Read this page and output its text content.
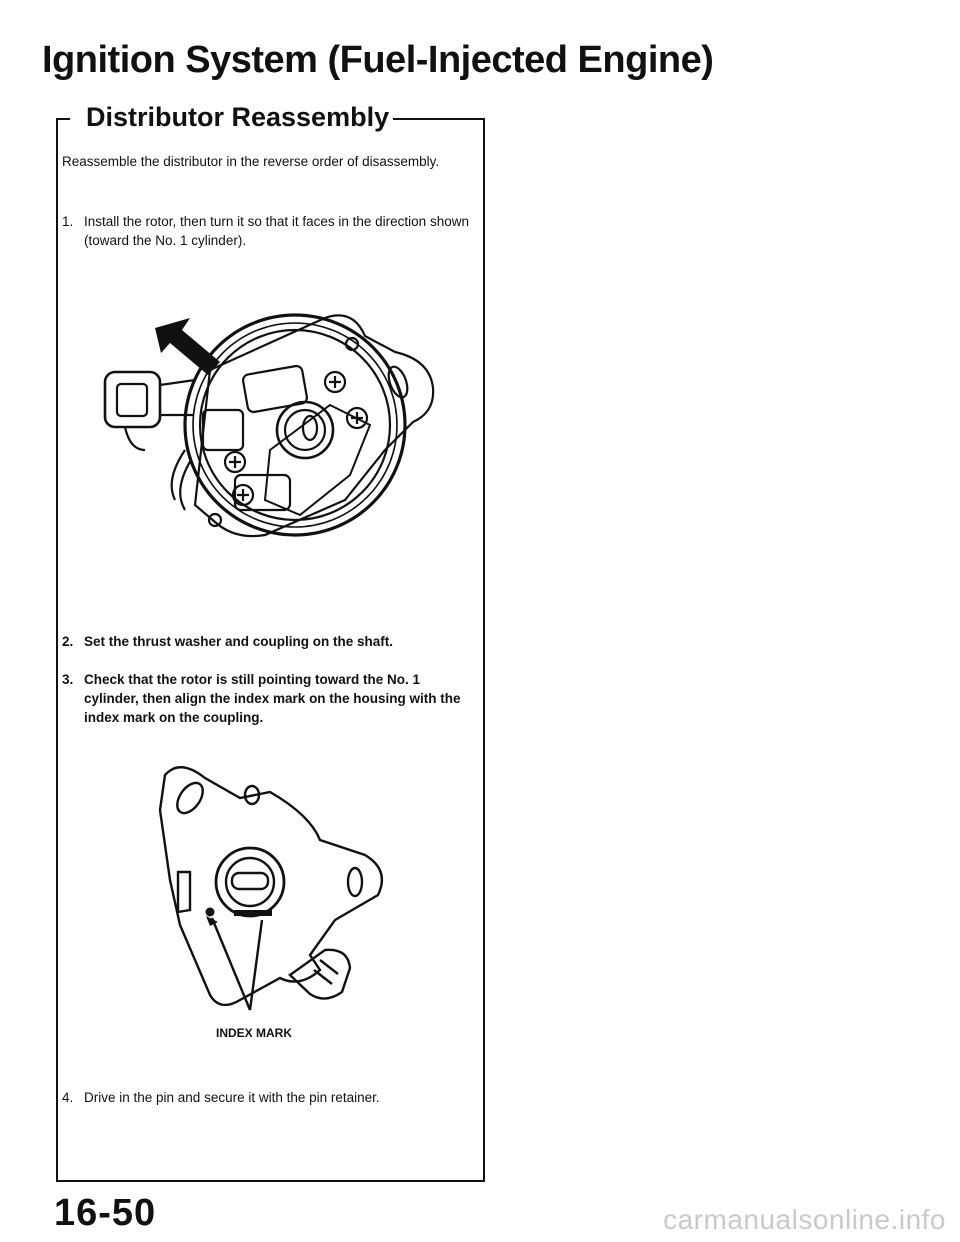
Ignition System (Fuel-Injected Engine)
Distributor Reassembly

Reassemble the distributor in the reverse order of disassembly.

1. Install the rotor, then turn it so that it faces in the direction shown (toward the No. 1 cylinder).
2. Set the thrust washer and coupling on the shaft.
3. Check that the rotor is still pointing toward the No. 1 cylinder, then align the index mark on the housing with the index mark on the coupling.
INDEX MARK
4. Drive in the pin and secure it with the pin retainer.
16-50	carmanualsonline.info
